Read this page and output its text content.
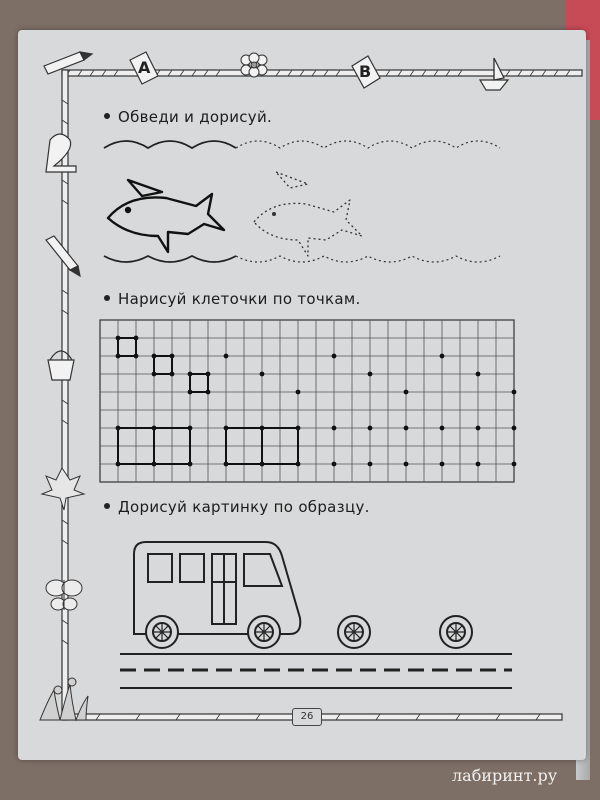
А	В
Обведи и дорисуй.
Нарисуй клеточки по точкам.
Дорисуй картинку по образцу.
26
лабиринт.ру
